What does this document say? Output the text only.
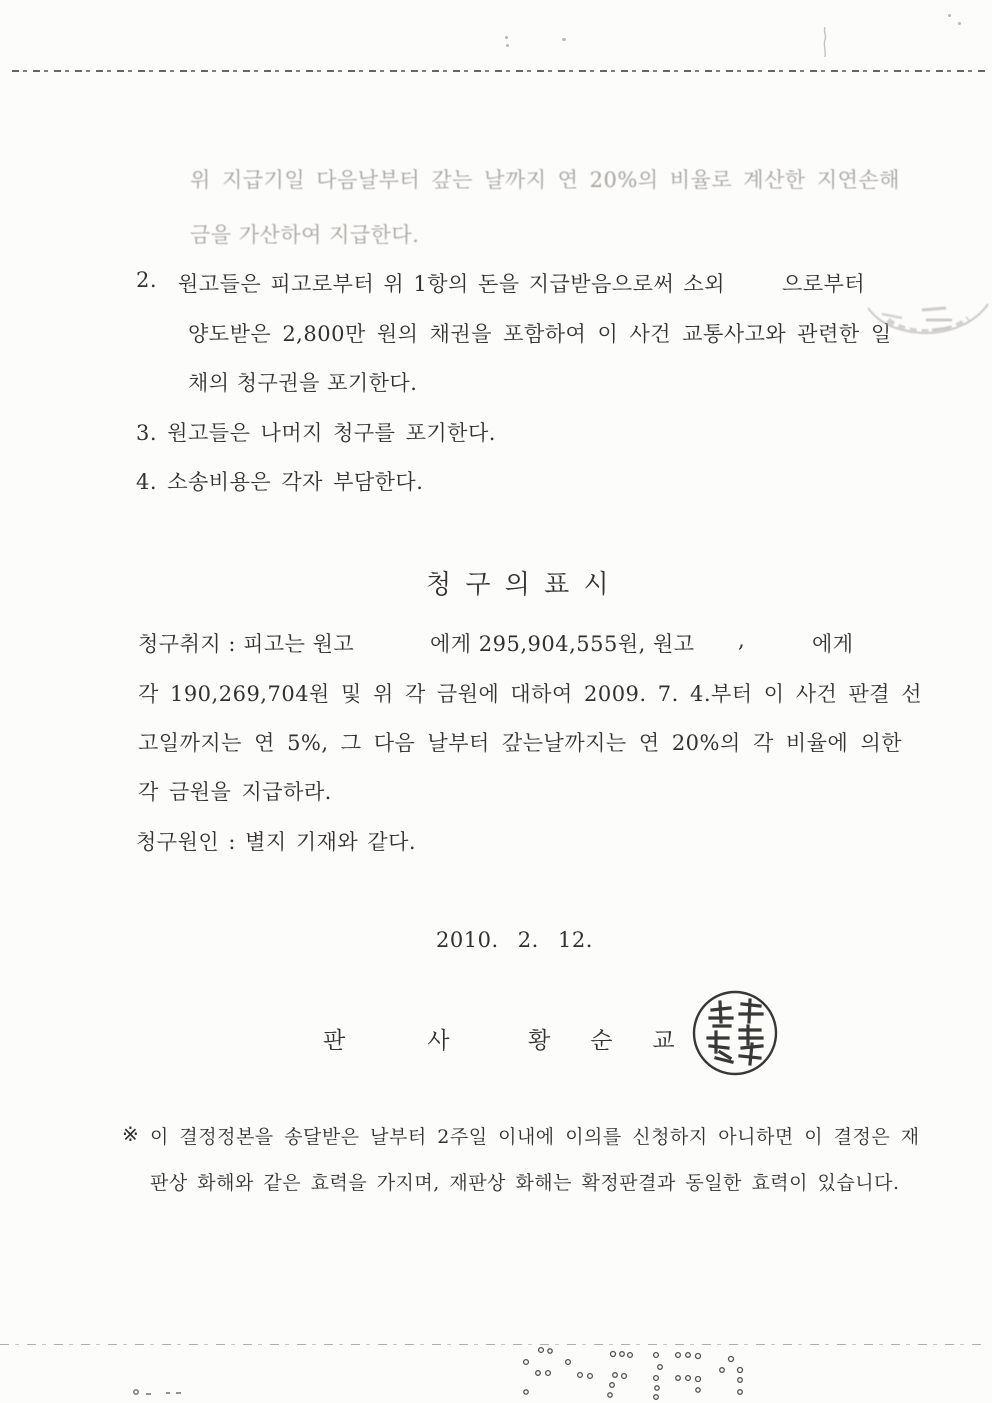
위 지급기일 다음날부터 갚는 날까지 연 20%의 비율로 계산한 지연손해
금을 가산하여 지급한다.
2. 원고들은 피고로부터 위 1항의 돈을 지급받음으로써 소외	으로부터
양도받은 2,800만 원의 채권을 포함하여 이 사건 교통사고와 관련한 일
채의 청구권을 포기한다.
3. 원고들은 나머지 청구를 포기한다.
4. 소송비용은 각자 부담한다.
청 구 의 표 시
청구취지 : 피고는 원고	에게 295,904,555원, 원고 ,	에게
각 190,269,704원 및 위 각 금원에 대하여 2009. 7. 4.부터 이 사건 판결 선
고일까지는 연 5%, 그 다음 날부터 갚는날까지는 연 20%의 각 비율에 의한
각 금원을 지급하라.
청구원인 : 별지 기재와 같다.
2010. 2. 12.
판사
황순교
※ 이 결정정본을 송달받은 날부터 2주일 이내에 이의를 신청하지 아니하면 이 결정은 재
판상 화해와 같은 효력을 가지며, 재판상 화해는 확정판결과 동일한 효력이 있습니다.
